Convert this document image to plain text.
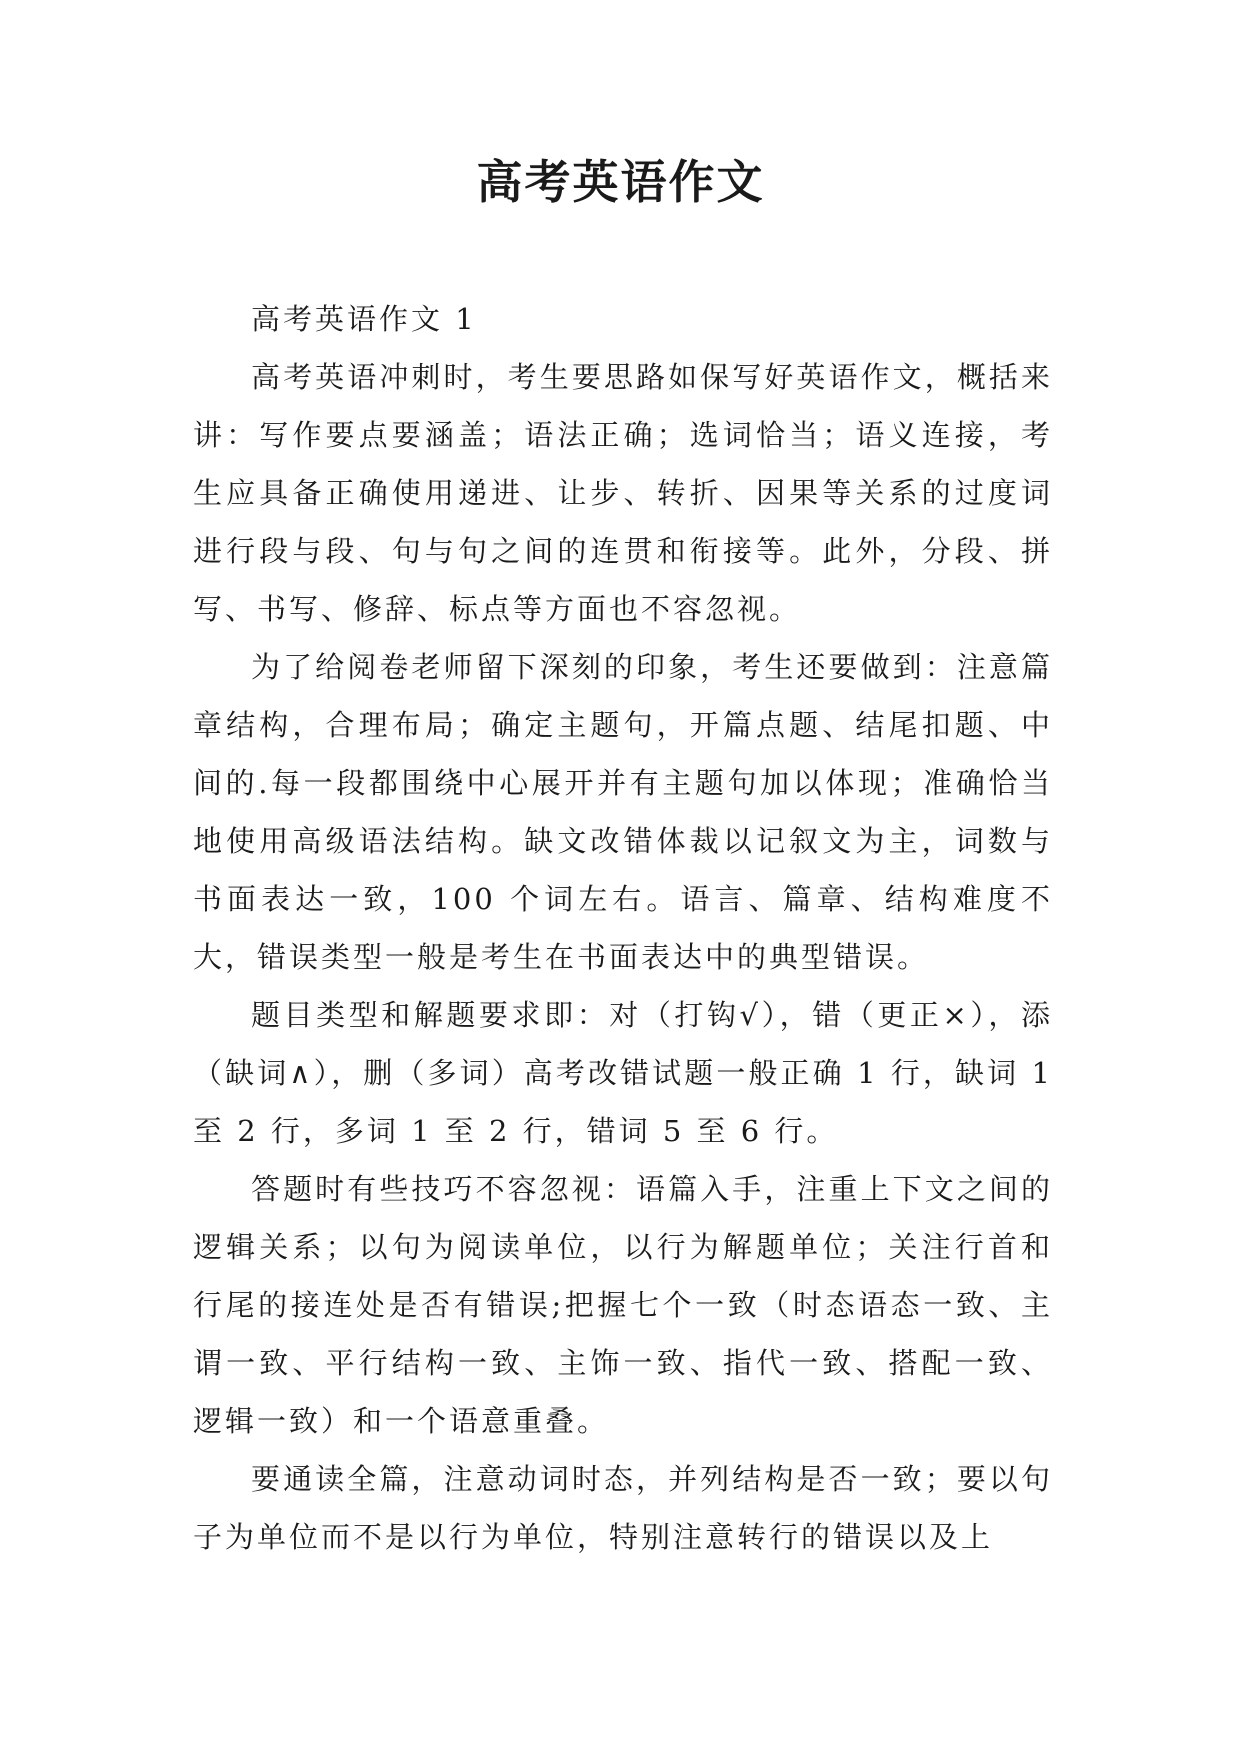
高考英语作文

高考英语作文 1

高考英语冲刺时，考生要思路如保写好英语作文，概括来讲：写作要点要涵盖；语法正确；选词恰当；语义连接，考生应具备正确使用递进、让步、转折、因果等关系的过度词进行段与段、句与句之间的连贯和衔接等。此外，分段、拼写、书写、修辞、标点等方面也不容忽视。

为了给阅卷老师留下深刻的印象，考生还要做到：注意篇章结构，合理布局；确定主题句，开篇点题、结尾扣题、中间的.每一段都围绕中心展开并有主题句加以体现；准确恰当地使用高级语法结构。缺文改错体裁以记叙文为主，词数与书面表达一致，100 个词左右。语言、篇章、结构难度不大，错误类型一般是考生在书面表达中的典型错误。

题目类型和解题要求即：对（打钩√），错（更正×），添（缺词∧），删（多词）高考改错试题一般正确 1 行，缺词 1 至 2 行，多词 1 至 2 行，错词 5 至 6 行。

答题时有些技巧不容忽视：语篇入手，注重上下文之间的逻辑关系；以句为阅读单位，以行为解题单位；关注行首和行尾的接连处是否有错误;把握七个一致（时态语态一致、主谓一致、平行结构一致、主饰一致、指代一致、搭配一致、逻辑一致）和一个语意重叠。

要通读全篇，注意动词时态，并列结构是否一致；要以句子为单位而不是以行为单位，特别注意转行的错误以及上
